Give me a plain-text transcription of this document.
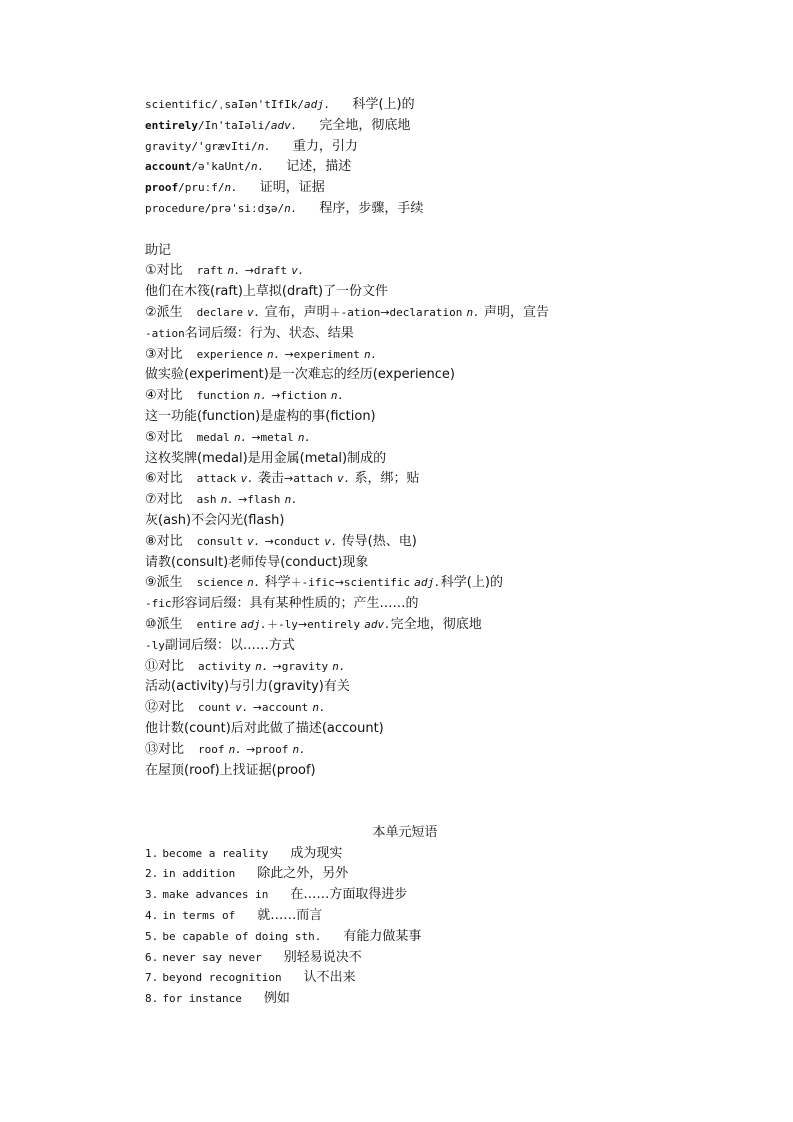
scientific/ˌsaIən'tIfIk/adj. 科学(上)的
entirely/In'taIəli/adv. 完全地，彻底地
gravity/'ɡrævIti/n. 重力，引力
account/ə'kaUnt/n. 记述，描述
proof/pruːf/n. 证明，证据
procedure/prə'siːdʒə/n. 程序，步骤，手续
助记
①对比 raft n. →draft v.
他们在木筏(raft)上草拟(draft)了一份文件
②派生 declare v. 宣布，声明＋-ation→declaration n. 声明，宣告
-ation名词后缀：行为、状态、结果
③对比 experience n. →experiment n.
做实验(experiment)是一次难忘的经历(experience)
④对比 function n. →fiction n.
这一功能(function)是虚构的事(fiction)
⑤对比 medal n. →metal n.
这枚奖牌(medal)是用金属(metal)制成的
⑥对比 attack v. 袭击→attach v. 系，绑；贴
⑦对比 ash n. →flash n.
灰(ash)不会闪光(flash)
⑧对比 consult v. →conduct v. 传导(热、电)
请教(consult)老师传导(conduct)现象
⑨派生 science n. 科学＋-ific→scientific adj.科学(上)的
-fic形容词后缀：具有某种性质的；产生……的
⑩派生 entire adj.＋-ly→entirely adv.完全地，彻底地
-ly副词后缀：以……方式
⑪对比 activity n. →gravity n.
活动(activity)与引力(gravity)有关
⑫对比 count v. →account n.
他计数(count)后对此做了描述(account)
⑬对比 roof n. →proof n.
在屋顶(roof)上找证据(proof)
本单元短语
1. become a reality 成为现实
2. in addition 除此之外，另外
3. make advances in 在……方面取得进步
4. in terms of 就……而言
5. be capable of doing sth. 有能力做某事
6. never say never 别轻易说决不
7. beyond recognition 认不出来
8. for instance 例如
